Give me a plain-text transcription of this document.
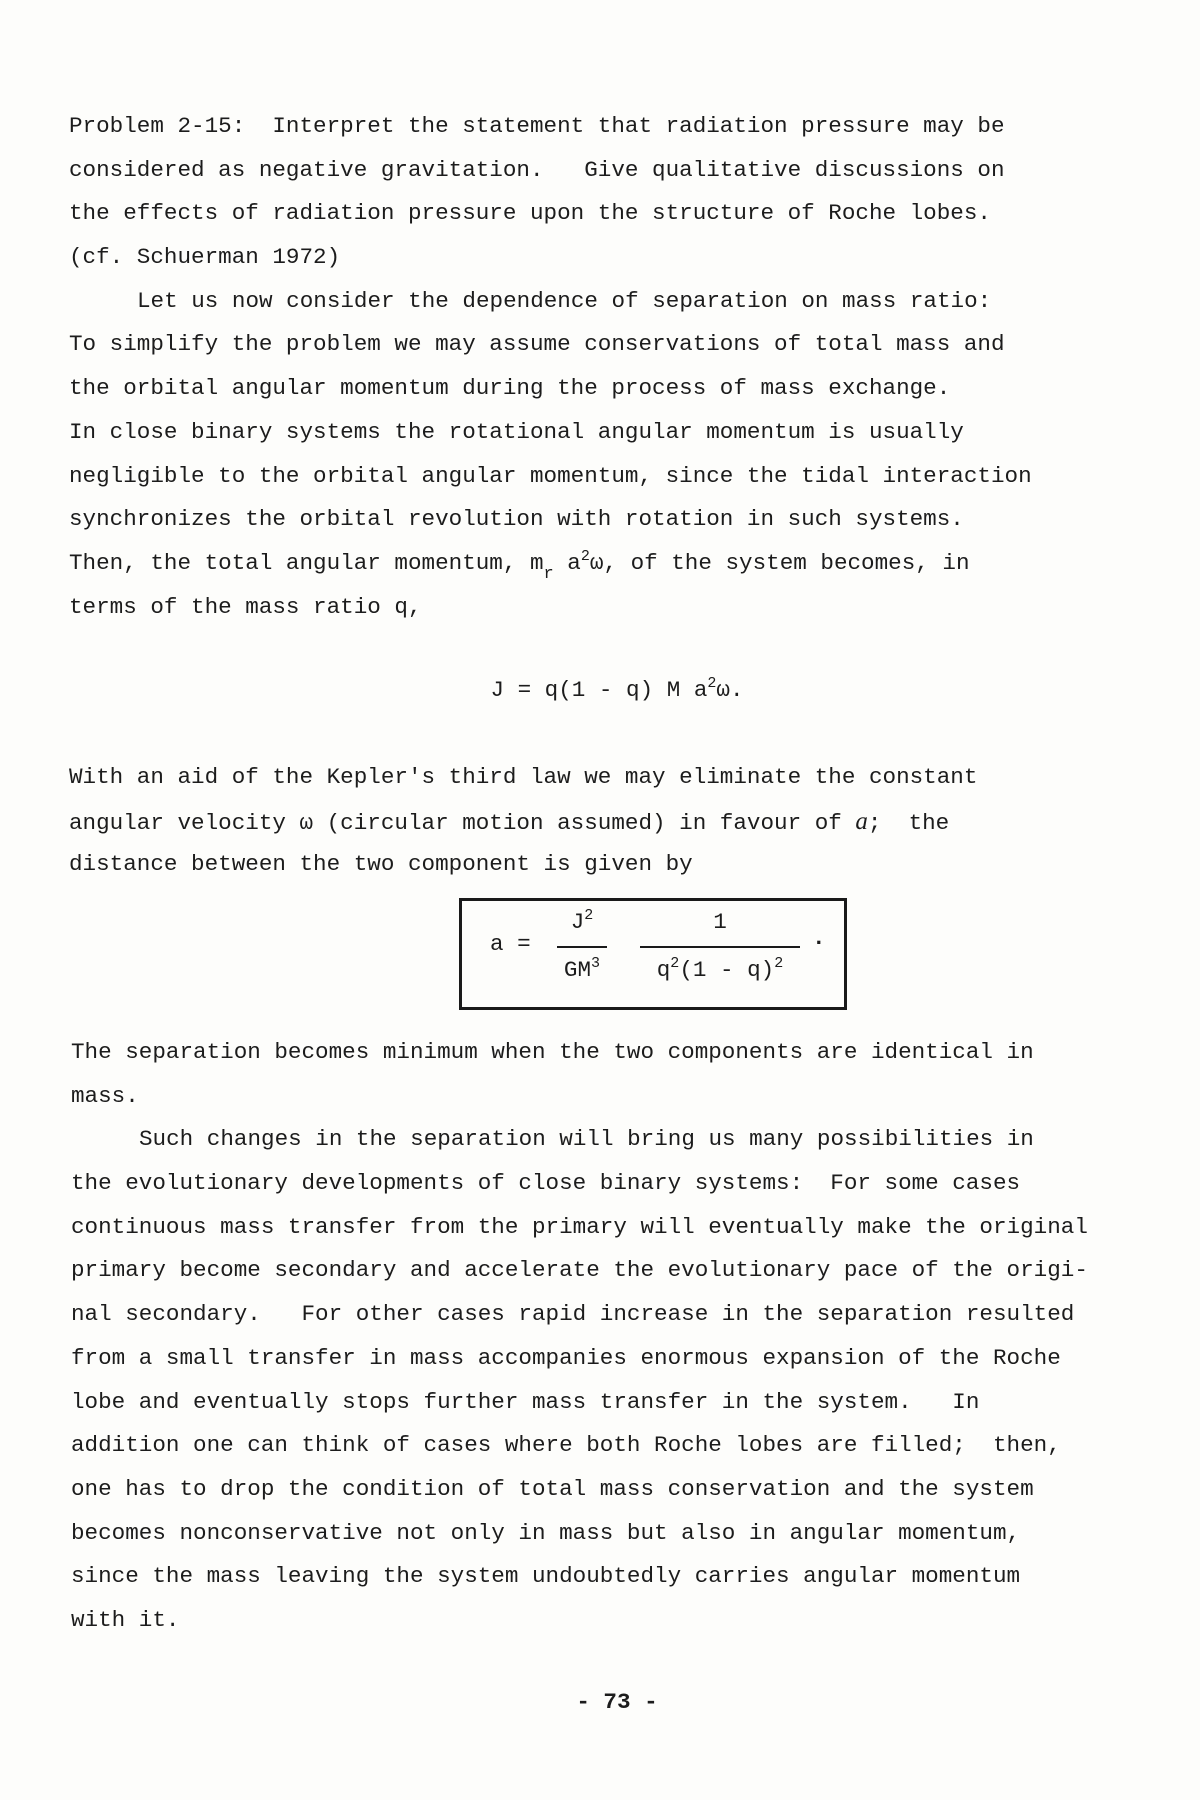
Problem 2-15:  Interpret the statement that radiation pressure may be
considered as negative gravitation.   Give qualitative discussions on
the effects of radiation pressure upon the structure of Roche lobes.
(cf. Schuerman 1972)
Let us now consider the dependence of separation on mass ratio:
To simplify the problem we may assume conservations of total mass and
the orbital angular momentum during the process of mass exchange.
In close binary systems the rotational angular momentum is usually
negligible to the orbital angular momentum, since the tidal interaction
synchronizes the orbital revolution with rotation in such systems.
Then, the total angular momentum, $m_r$ $a^2\omega$, of the system becomes, in
terms of the mass ratio q,
J = q(1 - q) M $a^2\omega$.
With an aid of the Kepler's third law we may eliminate the constant
angular velocity ω (circular motion assumed) in favour of a;  the
distance between the two component is given by
a =
$J^2$
$GM^3$
1
$q^2(1 - q)^2$
.
The separation becomes minimum when the two components are identical in
mass.
Such changes in the separation will bring us many possibilities in
the evolutionary developments of close binary systems:  For some cases
continuous mass transfer from the primary will eventually make the original
primary become secondary and accelerate the evolutionary pace of the origi-
nal secondary.   For other cases rapid increase in the separation resulted
from a small transfer in mass accompanies enormous expansion of the Roche
lobe and eventually stops further mass transfer in the system.   In
addition one can think of cases where both Roche lobes are filled;  then,
one has to drop the condition of total mass conservation and the system
becomes nonconservative not only in mass but also in angular momentum,
since the mass leaving the system undoubtedly carries angular momentum
with it.
- 73 -
